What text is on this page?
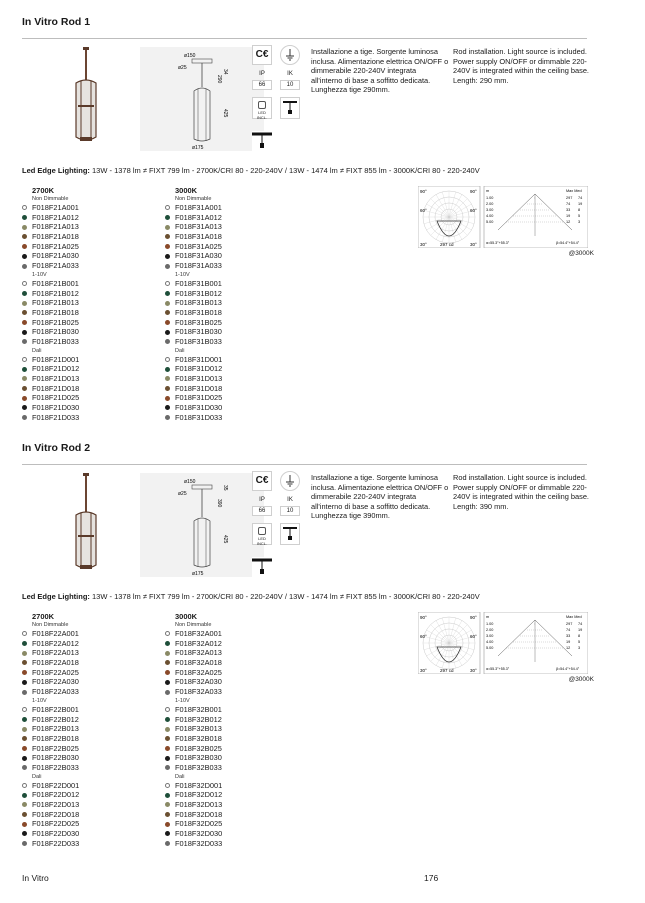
In Vitro Rod 1
ø150
ø25
34
290
425
ø175
C€
IP	IK
66	10
LED INCL.
Installazione a tige. Sorgente luminosa inclusa. Alimentazione elettrica ON/OFF o dimmerabile 220-240V integrata all'interno di base a soffitto dedicata. Lunghezza tige 290mm.
Rod installation. Light source is included. Power supply ON/OFF or dimmable 220-240V is integrated within the ceiling base. Length: 290 mm.
Led Edge Lighting: 13W - 1378 lm ≠ FIXT 799 lm - 2700K/CRI 80 - 220-240V / 13W - 1474 lm ≠ FIXT 855 lm - 3000K/CRI 80 - 220-240V
2700K
Non Dimmable
F018F21A001
F018F21A012
F018F21A013
F018F21A018
F018F21A025
F018F21A030
F018F21A033
1-10V
F018F21B001
F018F21B012
F018F21B013
F018F21B018
F018F21B025
F018F21B030
F018F21B033
Dali
F018F21D001
F018F21D012
F018F21D013
F018F21D018
F018F21D025
F018F21D030
F018F21D033
3000K
Non Dimmable
F018F31A001
F018F31A012
F018F31A013
F018F31A018
F018F31A025
F018F31A030
F018F31A033
1-10V
F018F31B001
F018F31B012
F018F31B013
F018F31B018
F018F31B025
F018F31B030
F018F31B033
Dali
F018F31D001
F018F31D012
F018F31D013
F018F31D018
F018F31D025
F018F31D030
F018F31D033
90°	90°
60°	60°
30°	30°
297 cd
m	Max Med
1.00	297 74
2.00	74 19
3.00	33 8
4.00	19 5
5.00	12 3
α=55.3°+55.3°	β=54.4°+54.4°
@3000K
In Vitro Rod 2
ø150
ø25
35
390
425
ø175
C€
IP	IK
66	10
LED INCL.
Installazione a tige. Sorgente luminosa inclusa. Alimentazione elettrica ON/OFF o dimmerabile 220-240V integrata all'interno di base a soffitto dedicata. Lunghezza tige 390mm.
Rod installation. Light source is included. Power supply ON/OFF or dimmable 220-240V is integrated within the ceiling base. Length: 390 mm.
Led Edge Lighting: 13W - 1378 lm ≠ FIXT 799 lm - 2700K/CRI 80 - 220-240V / 13W - 1474 lm ≠ FIXT 855 lm - 3000K/CRI 80 - 220-240V
2700K
Non Dimmable
F018F22A001
F018F22A012
F018F22A013
F018F22A018
F018F22A025
F018F22A030
F018F22A033
1-10V
F018F22B001
F018F22B012
F018F22B013
F018F22B018
F018F22B025
F018F22B030
F018F22B033
Dali
F018F22D001
F018F22D012
F018F22D013
F018F22D018
F018F22D025
F018F22D030
F018F22D033
3000K
Non Dimmable
F018F32A001
F018F32A012
F018F32A013
F018F32A018
F018F32A025
F018F32A030
F018F32A033
1-10V
F018F32B001
F018F32B012
F018F32B013
F018F32B018
F018F32B025
F018F32B030
F018F32B033
Dali
F018F32D001
F018F32D012
F018F32D013
F018F32D018
F018F32D025
F018F32D030
F018F32D033
90°	90°
60°	60°
30°	30°
297 cd
m	Max Med
1.00	297 74
2.00	74 19
3.00	33 8
4.00	19 5
5.00	12 3
α=55.3°+55.3°	β=54.4°+54.4°
@3000K
In Vitro	176
